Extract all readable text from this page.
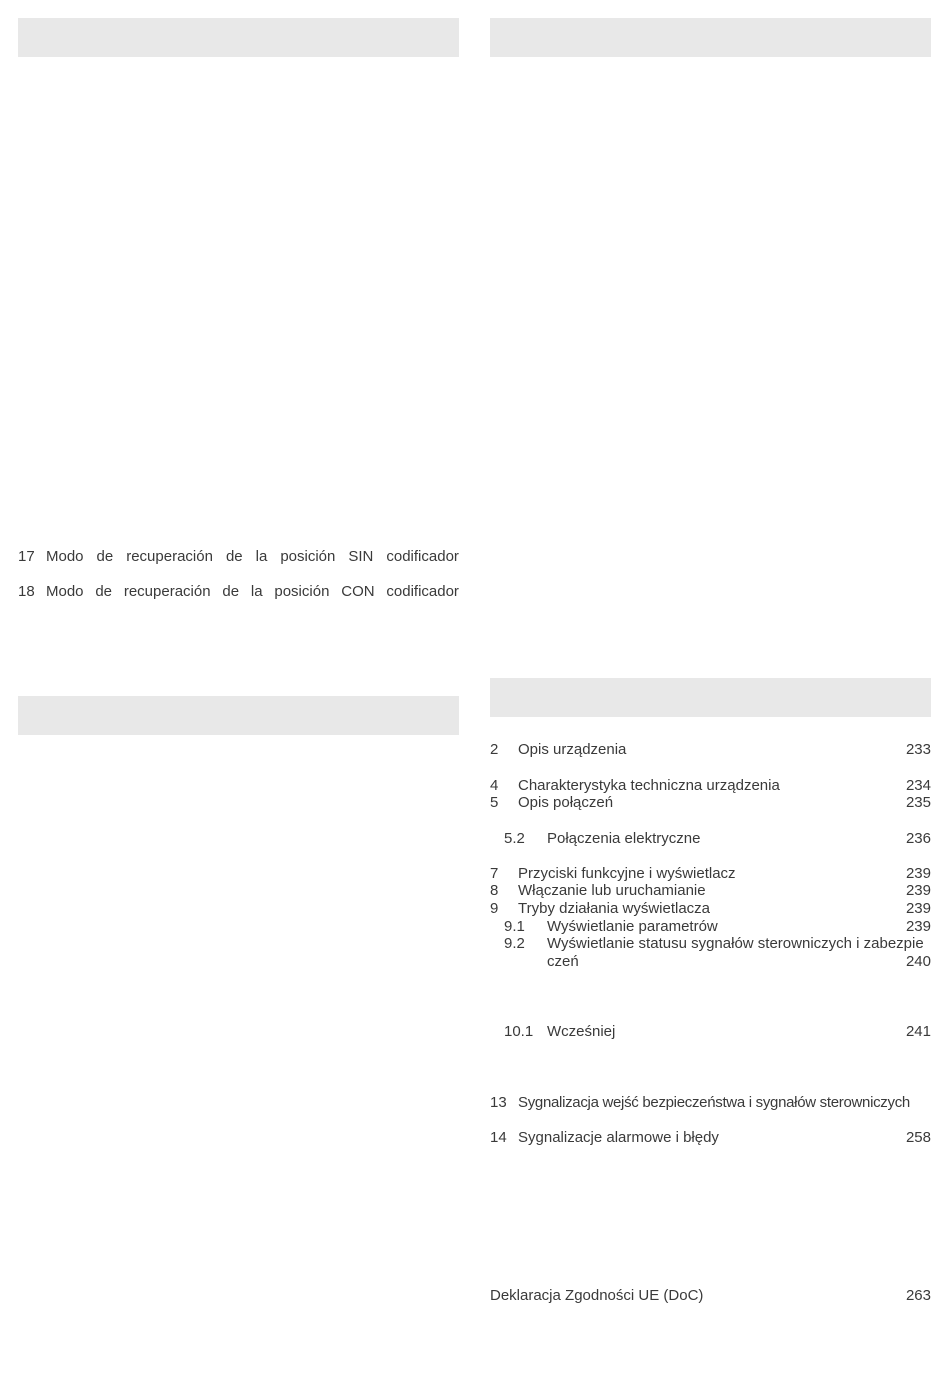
17 Modo de recuperación de la posición SIN codificador
18 Modo de recuperación de la posición CON codificador
2 Opis urządzenia	233
4 Charakterystyka techniczna urządzenia	234
5 Opis połączeń	235
5.2 Połączenia elektryczne	236
7 Przyciski funkcyjne i wyświetlacz	239
8 Włączanie lub uruchamianie	239
9 Tryby działania wyświetlacza	239
9.1 Wyświetlanie parametrów	239
9.2 Wyświetlanie statusu sygnałów sterowniczych i zabezpie
czeń	240
10.1 Wcześniej	241
13 Sygnalizacja wejść bezpieczeństwa i sygnałów sterowniczych
14 Sygnalizacje alarmowe i błędy	258
Deklaracja Zgodności UE (DoC)	263
